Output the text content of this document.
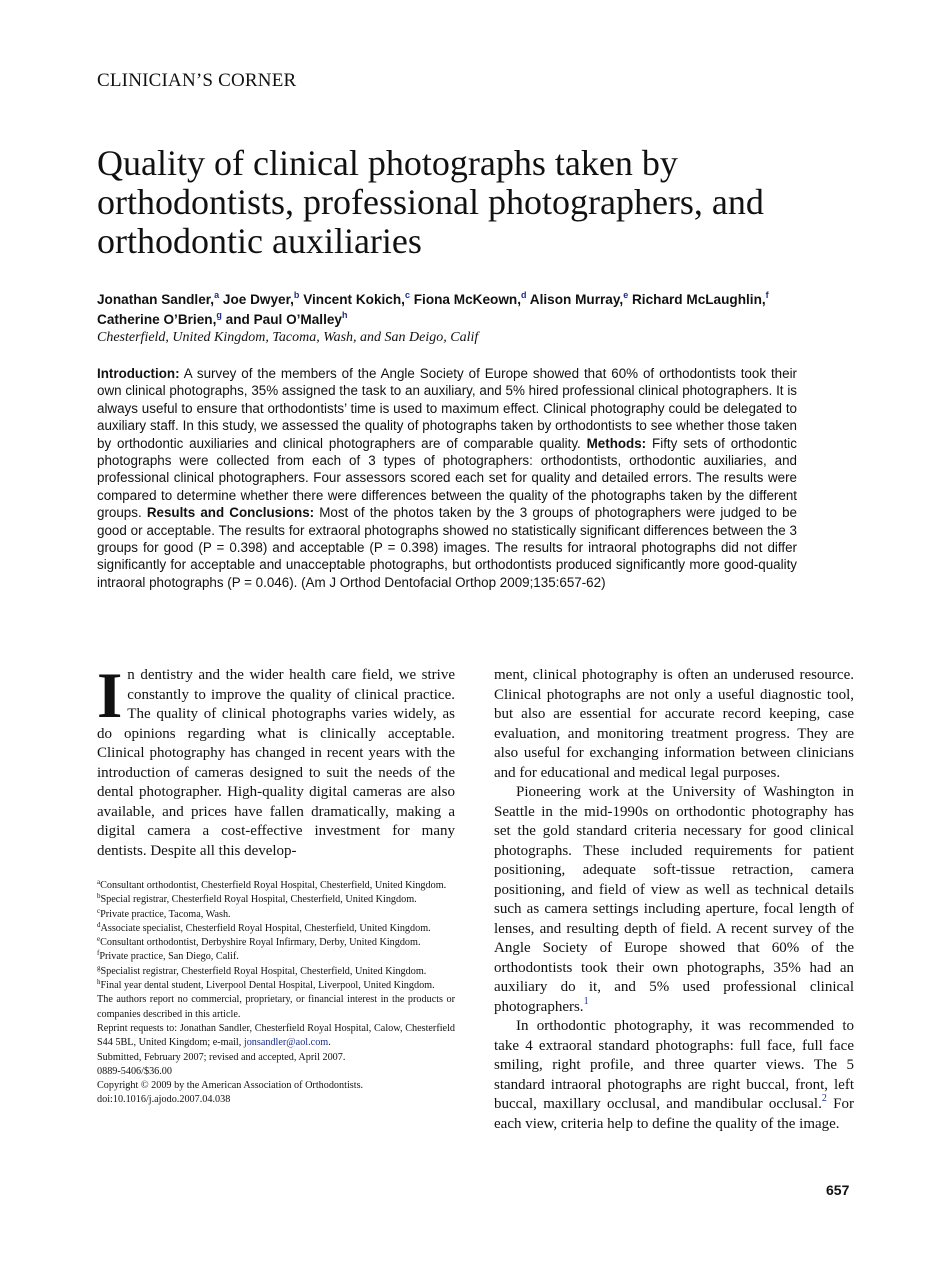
CLINICIAN’S CORNER
Quality of clinical photographs taken by orthodontists, professional photographers, and orthodontic auxiliaries
Jonathan Sandler,$^a$ Joe Dwyer,$^b$ Vincent Kokich,$^c$ Fiona McKeown,$^d$ Alison Murray,$^e$ Richard McLaughlin,$^f$
Catherine O’Brien,$^g$ and Paul O’Malley$^h$
Chesterfield, United Kingdom, Tacoma, Wash, and San Deigo, Calif
Introduction: A survey of the members of the Angle Society of Europe showed that 60% of orthodontists took their own clinical photographs, 35% assigned the task to an auxiliary, and 5% hired professional clinical photographers. It is always useful to ensure that orthodontists’ time is used to maximum effect. Clinical photography could be delegated to auxiliary staff. In this study, we assessed the quality of photographs taken by orthodontists to see whether those taken by orthodontic auxiliaries and clinical photographers are of comparable quality. Methods: Fifty sets of orthodontic photographs were collected from each of 3 types of photographers: orthodontists, orthodontic auxiliaries, and professional clinical photographers. Four assessors scored each set for quality and detailed errors. The results were compared to determine whether there were differences between the quality of the photographs taken by the different groups. Results and Conclusions: Most of the photos taken by the 3 groups of photographers were judged to be good or acceptable. The results for extraoral photographs showed no statistically significant differences between the 3 groups for good (P = 0.398) and acceptable (P = 0.398) images. The results for intraoral photographs did not differ significantly for acceptable and unacceptable photographs, but orthodontists produced significantly more good-quality intraoral photographs (P = 0.046). (Am J Orthod Dentofacial Orthop 2009;135:657-62)

In dentistry and the wider health care field, we strive constantly to improve the quality of clinical practice. The quality of clinical photographs varies widely, as do opinions regarding what is clinically acceptable. Clinical photography has changed in recent years with the introduction of cameras designed to suit the needs of the dental photographer. High-quality digital cameras are also available, and prices have fallen dramatically, making a digital camera a cost-effective investment for many dentists. Despite all this develop-

$^a$Consultant orthodontist, Chesterfield Royal Hospital, Chesterfield, United Kingdom.
$^b$Special registrar, Chesterfield Royal Hospital, Chesterfield, United Kingdom.
$^c$Private practice, Tacoma, Wash.
$^d$Associate specialist, Chesterfield Royal Hospital, Chesterfield, United Kingdom.
$^e$Consultant orthodontist, Derbyshire Royal Infirmary, Derby, United Kingdom.
$^f$Private practice, San Diego, Calif.
$^g$Specialist registrar, Chesterfield Royal Hospital, Chesterfield, United Kingdom.
$^h$Final year dental student, Liverpool Dental Hospital, Liverpool, United Kingdom.
The authors report no commercial, proprietary, or financial interest in the products or companies described in this article.
Reprint requests to: Jonathan Sandler, Chesterfield Royal Hospital, Calow, Chesterfield S44 5BL, United Kingdom; e-mail, jonsandler@aol.com.
Submitted, February 2007; revised and accepted, April 2007.
0889-5406/$36.00
Copyright © 2009 by the American Association of Orthodontists.
doi:10.1016/j.ajodo.2007.04.038

ment, clinical photography is often an underused resource. Clinical photographs are not only a useful diagnostic tool, but also are essential for accurate record keeping, case evaluation, and monitoring treatment progress. They are also useful for exchanging information between clinicians and for educational and medical legal purposes.

Pioneering work at the University of Washington in Seattle in the mid-1990s on orthodontic photography has set the gold standard criteria necessary for good clinical photographs. These included requirements for patient positioning, adequate soft-tissue retraction, camera positioning, and field of view as well as technical details such as camera settings including aperture, focal length of lenses, and resulting depth of field. A recent survey of the Angle Society of Europe showed that 60% of the orthodontists took their own photographs, 35% had an auxiliary do it, and 5% used professional clinical photographers.$^1$

In orthodontic photography, it was recommended to take 4 extraoral standard photographs: full face, full face smiling, right profile, and three quarter views. The 5 standard intraoral photographs are right buccal, front, left buccal, maxillary occlusal, and mandibular occlusal.$^2$ For each view, criteria help to define the quality of the image.

657
